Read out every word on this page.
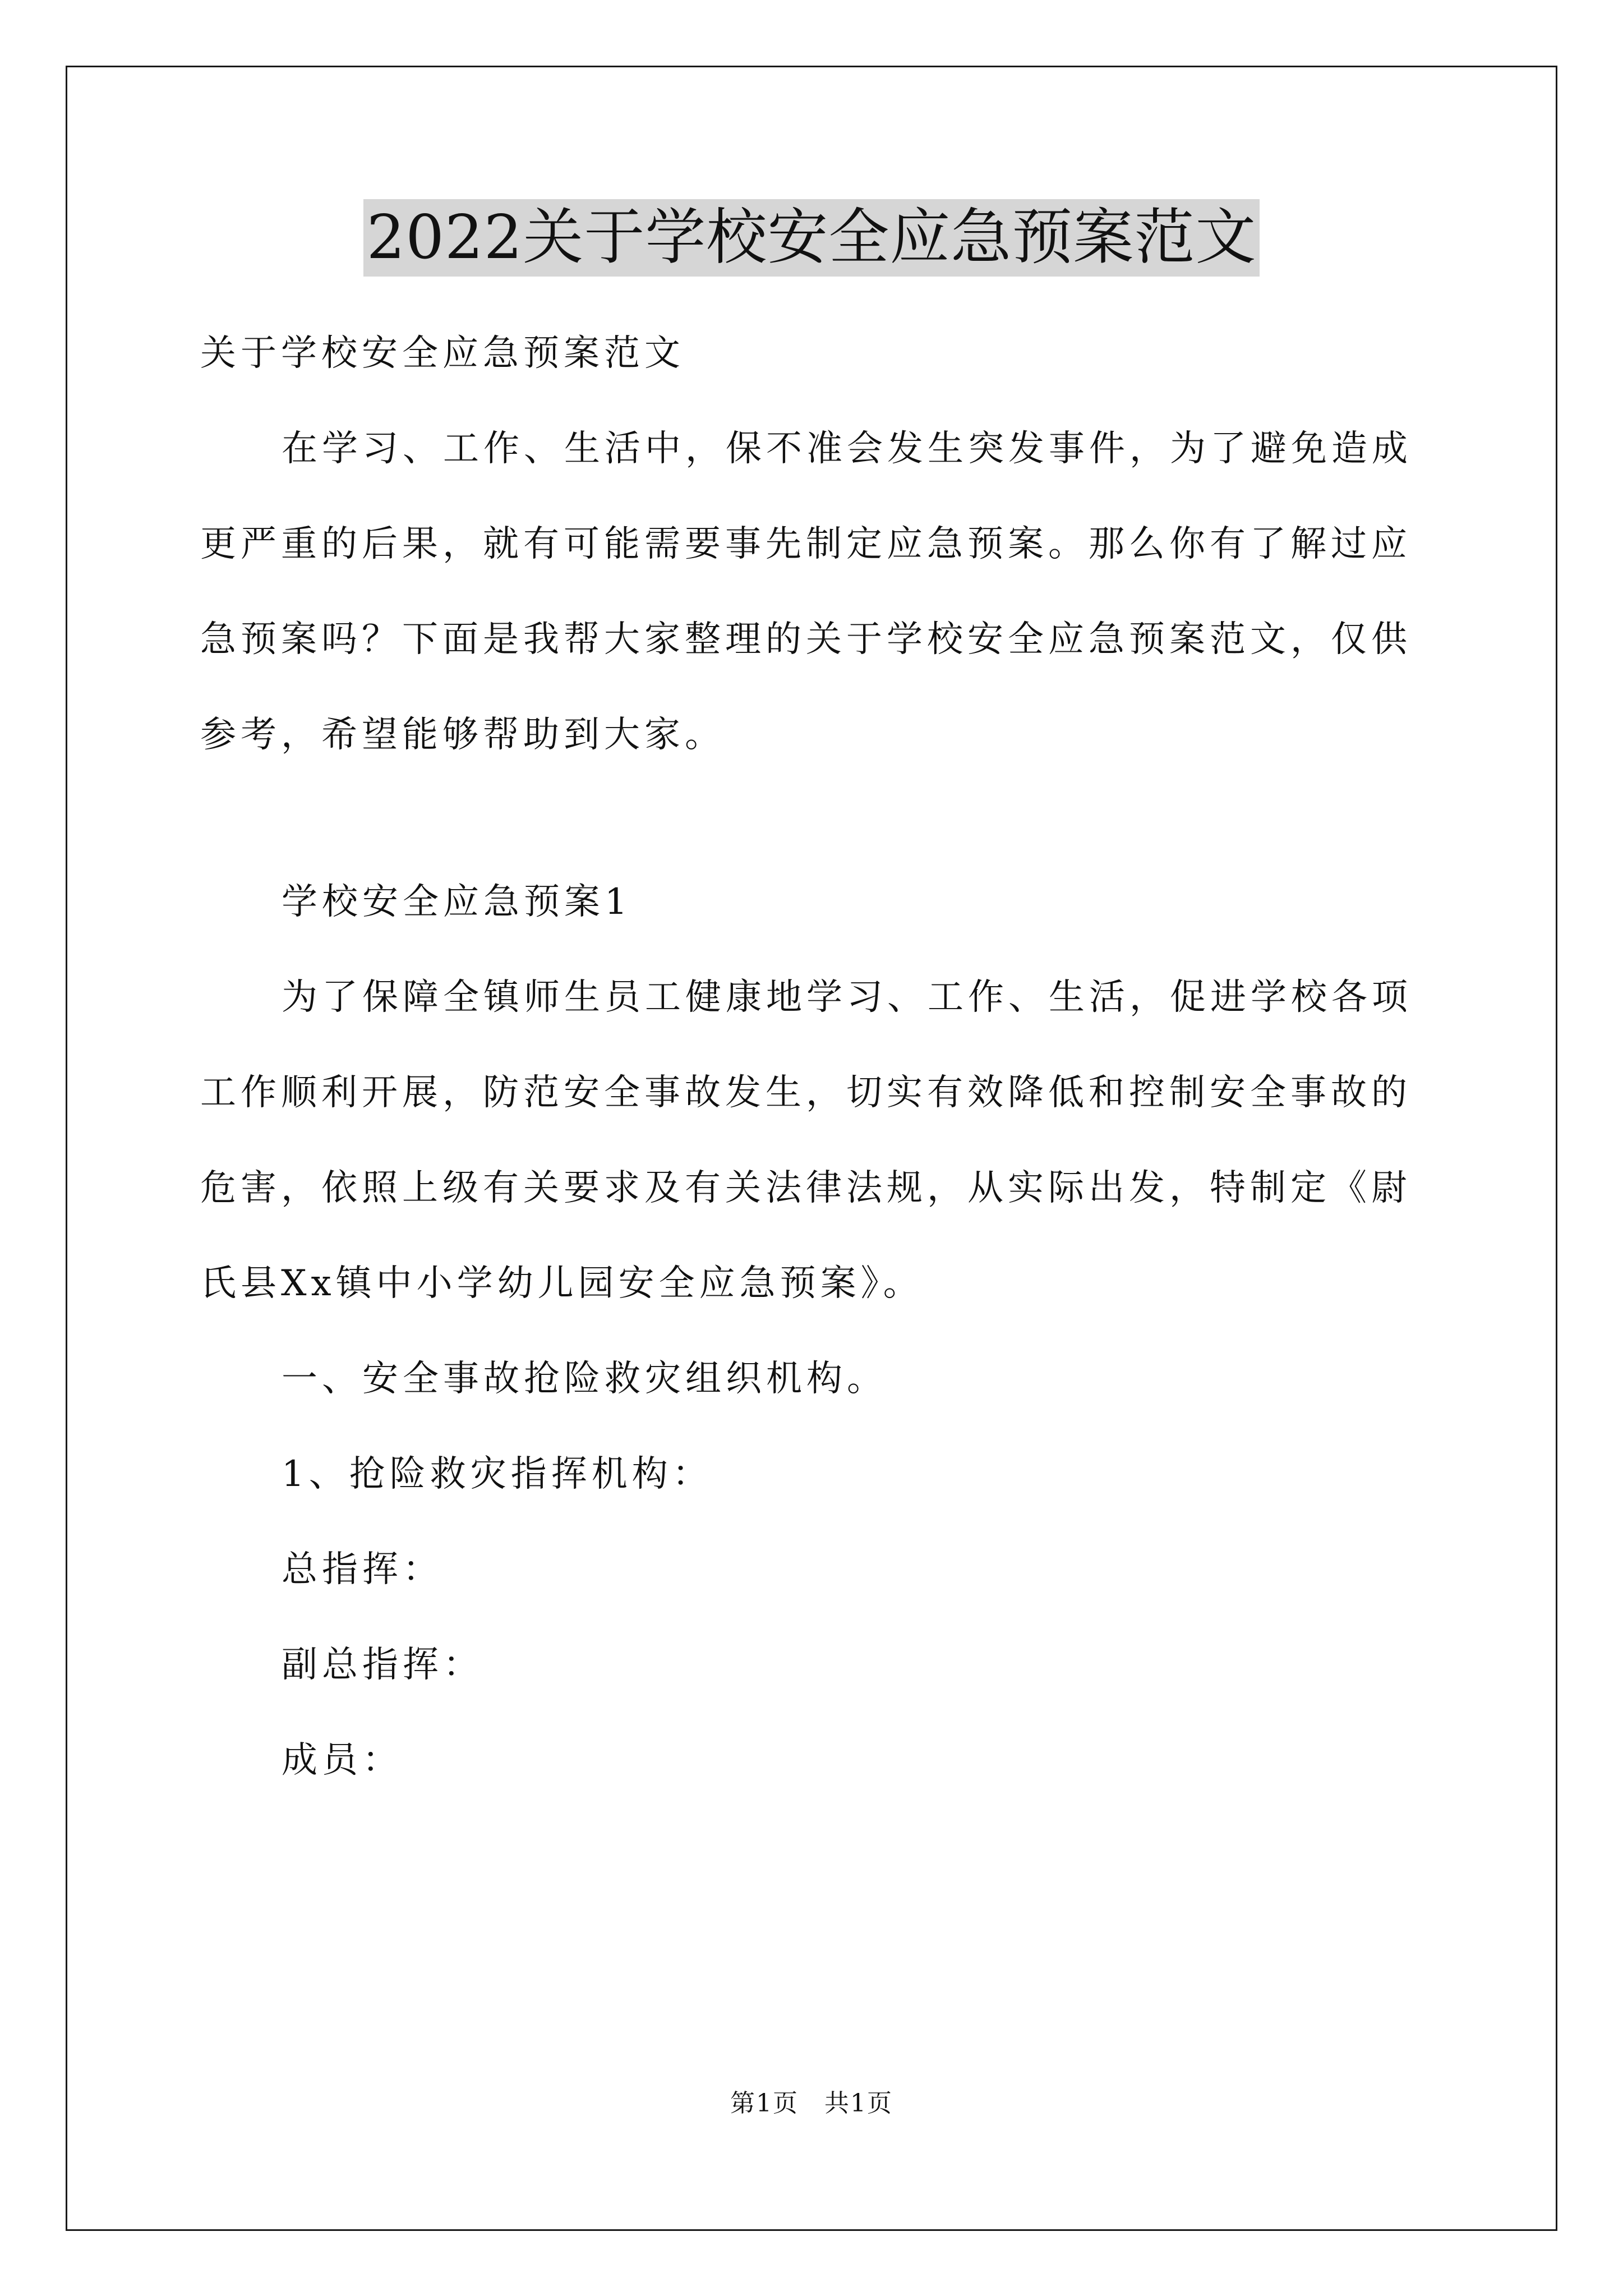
2022关于学校安全应急预案范文

关于学校安全应急预案范文

在学习、工作、生活中，保不准会发生突发事件，为了避免造成更严重的后果，就有可能需要事先制定应急预案。那么你有了解过应急预案吗？下面是我帮大家整理的关于学校安全应急预案范文，仅供参考，希望能够帮助到大家。

学校安全应急预案1

为了保障全镇师生员工健康地学习、工作、生活，促进学校各项工作顺利开展，防范安全事故发生，切实有效降低和控制安全事故的危害，依照上级有关要求及有关法律法规，从实际出发，特制定《尉氏县Xx镇中小学幼儿园安全应急预案》。

一、安全事故抢险救灾组织机构。

1、抢险救灾指挥机构：

总指挥：

副总指挥：

成员：

第1页　共1页
